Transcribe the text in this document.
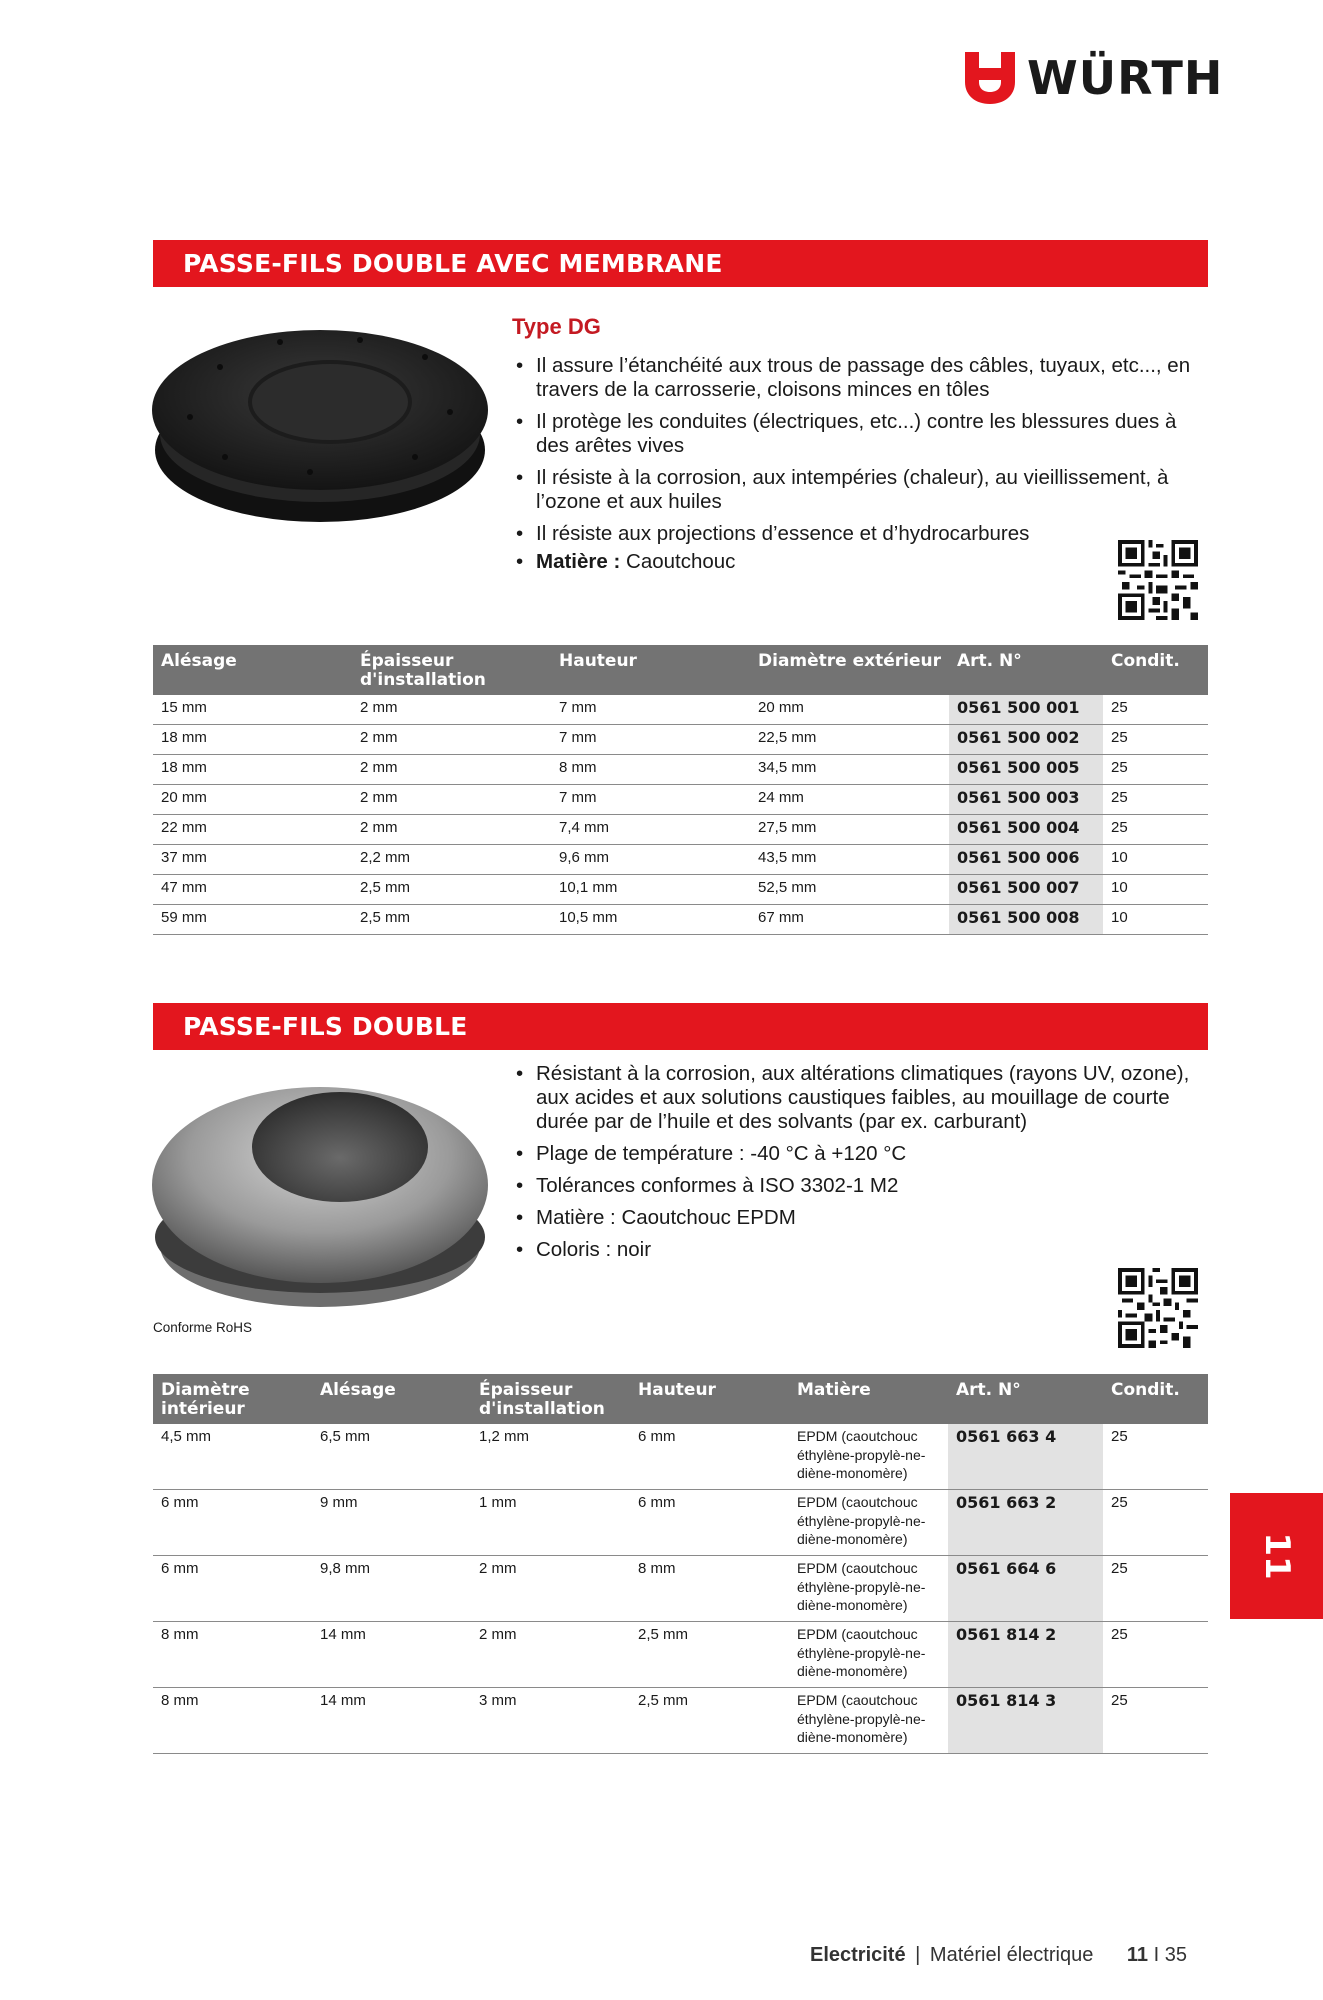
WÜRTH
PASSE-FILS DOUBLE AVEC MEMBRANE
Type DG
• Il assure l’étanchéité aux trous de passage des câbles, tuyaux, etc..., en travers de la carrosserie, cloisons minces en tôles
• Il protège les conduites (électriques, etc...) contre les blessures dues à des arêtes vives
• Il résiste à la corrosion, aux intempéries (chaleur), au vieillissement, à l’ozone et aux huiles
• Il résiste aux projections d’essence et d’hydrocarbures
• Matière : Caoutchouc
Alésage	Épaisseur d'installation	Hauteur	Diamètre extérieur	Art. N°	Condit.
15 mm	2 mm	7 mm	20 mm	0561 500 001	25
18 mm	2 mm	7 mm	22,5 mm	0561 500 002	25
18 mm	2 mm	8 mm	34,5 mm	0561 500 005	25
20 mm	2 mm	7 mm	24 mm	0561 500 003	25
22 mm	2 mm	7,4 mm	27,5 mm	0561 500 004	25
37 mm	2,2 mm	9,6 mm	43,5 mm	0561 500 006	10
47 mm	2,5 mm	10,1 mm	52,5 mm	0561 500 007	10
59 mm	2,5 mm	10,5 mm	67 mm	0561 500 008	10
PASSE-FILS DOUBLE
Conforme RoHS
• Résistant à la corrosion, aux altérations climatiques (rayons UV, ozone), aux acides et aux solutions caustiques faibles, au mouillage de courte durée par de l’huile et des solvants (par ex. carburant)
• Plage de température : -40 °C à +120 °C
• Tolérances conformes à ISO 3302-1 M2
• Matière : Caoutchouc EPDM
• Coloris : noir
Diamètre intérieur	Alésage	Épaisseur d'installation	Hauteur	Matière	Art. N°	Condit.
4,5 mm	6,5 mm	1,2 mm	6 mm	EPDM (caoutchouc éthylène-propylè-ne-diène-monomère)	0561 663 4	25
6 mm	9 mm	1 mm	6 mm	EPDM (caoutchouc éthylène-propylè-ne-diène-monomère)	0561 663 2	25
6 mm	9,8 mm	2 mm	8 mm	EPDM (caoutchouc éthylène-propylè-ne-diène-monomère)	0561 664 6	25
8 mm	14 mm	2 mm	2,5 mm	EPDM (caoutchouc éthylène-propylè-ne-diène-monomère)	0561 814 2	25
8 mm	14 mm	3 mm	2,5 mm	EPDM (caoutchouc éthylène-propylè-ne-diène-monomère)	0561 814 3	25
11
Electricité | Matériel électrique 11 I 35
